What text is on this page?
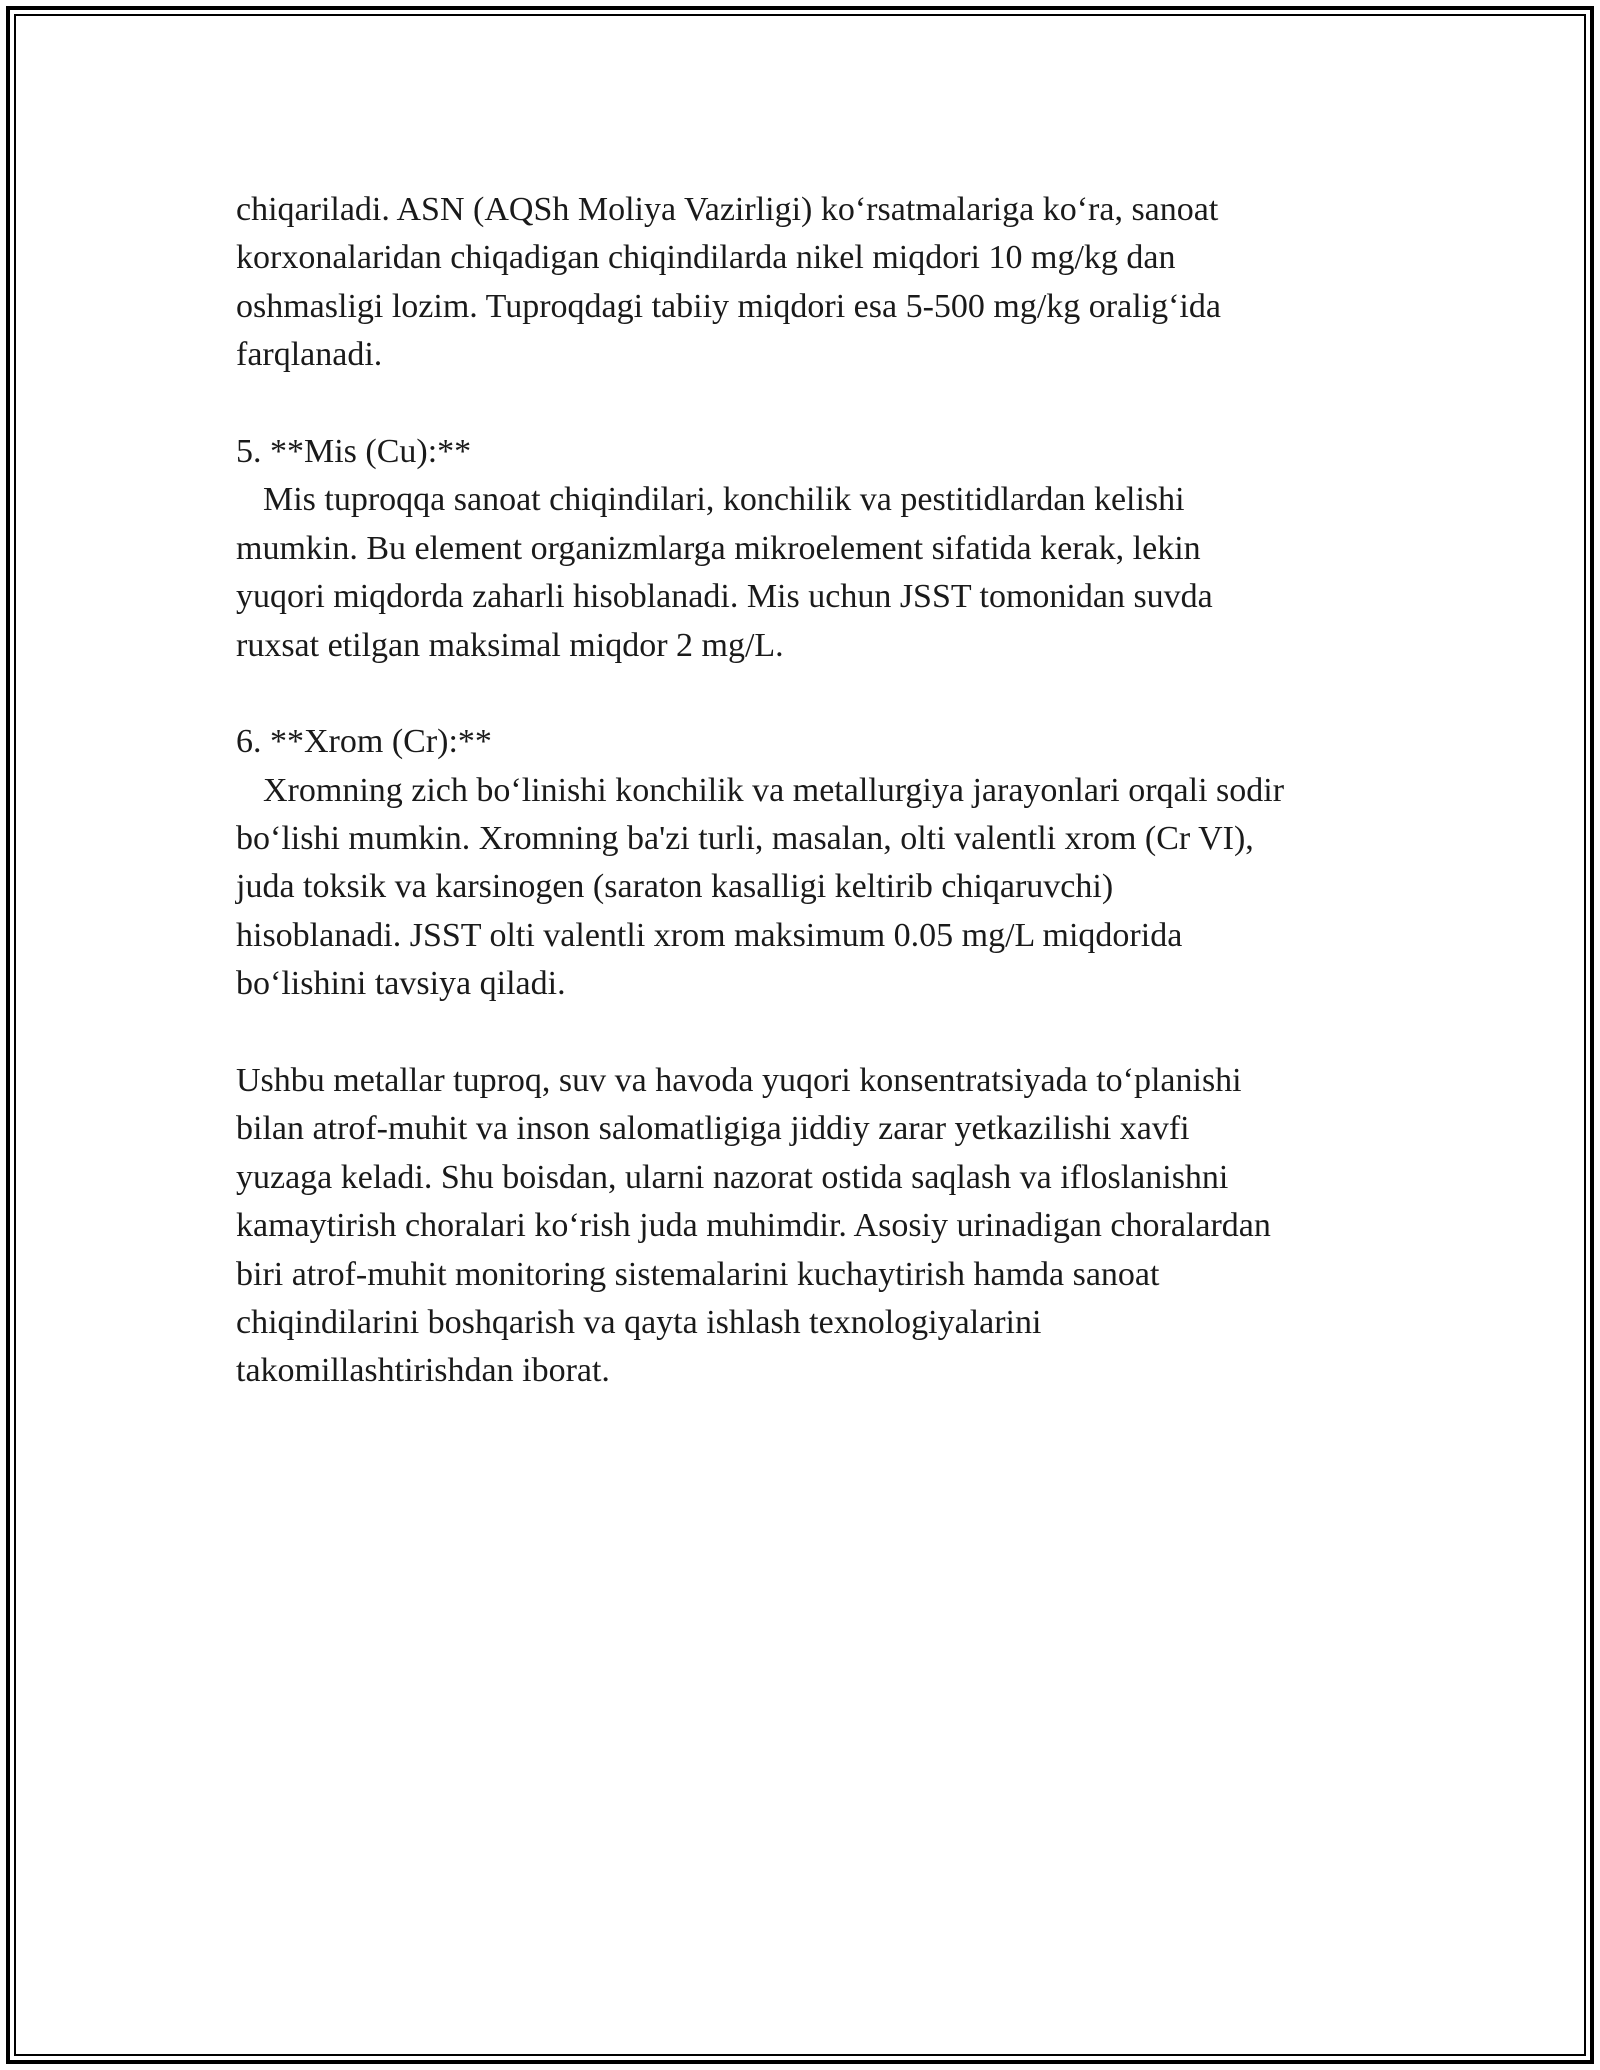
chiqariladi. ASN (AQSh Moliya Vazirligi) ko‘rsatmalariga ko‘ra, sanoat
korxonalaridan chiqadigan chiqindilarda nikel miqdori 10 mg/kg dan
oshmasligi lozim. Tuproqdagi tabiiy miqdori esa 5-500 mg/kg oralig‘ida
farqlanadi.
5. **Mis (Cu):**
Mis tuproqqa sanoat chiqindilari, konchilik va pestitidlardan kelishi
mumkin. Bu element organizmlarga mikroelement sifatida kerak, lekin
yuqori miqdorda zaharli hisoblanadi. Mis uchun JSST tomonidan suvda
ruxsat etilgan maksimal miqdor 2 mg/L.
6. **Xrom (Cr):**
Xromning zich bo‘linishi konchilik va metallurgiya jarayonlari orqali sodir
bo‘lishi mumkin. Xromning ba'zi turli, masalan, olti valentli xrom (Cr VI),
juda toksik va karsinogen (saraton kasalligi keltirib chiqaruvchi)
hisoblanadi. JSST olti valentli xrom maksimum 0.05 mg/L miqdorida
bo‘lishini tavsiya qiladi.
Ushbu metallar tuproq, suv va havoda yuqori konsentratsiyada to‘planishi
bilan atrof-muhit va inson salomatligiga jiddiy zarar yetkazilishi xavfi
yuzaga keladi. Shu boisdan, ularni nazorat ostida saqlash va ifloslanishni
kamaytirish choralari ko‘rish juda muhimdir. Asosiy urinadigan choralardan
biri atrof-muhit monitoring sistemalarini kuchaytirish hamda sanoat
chiqindilarini boshqarish va qayta ishlash texnologiyalarini
takomillashtirishdan iborat.
